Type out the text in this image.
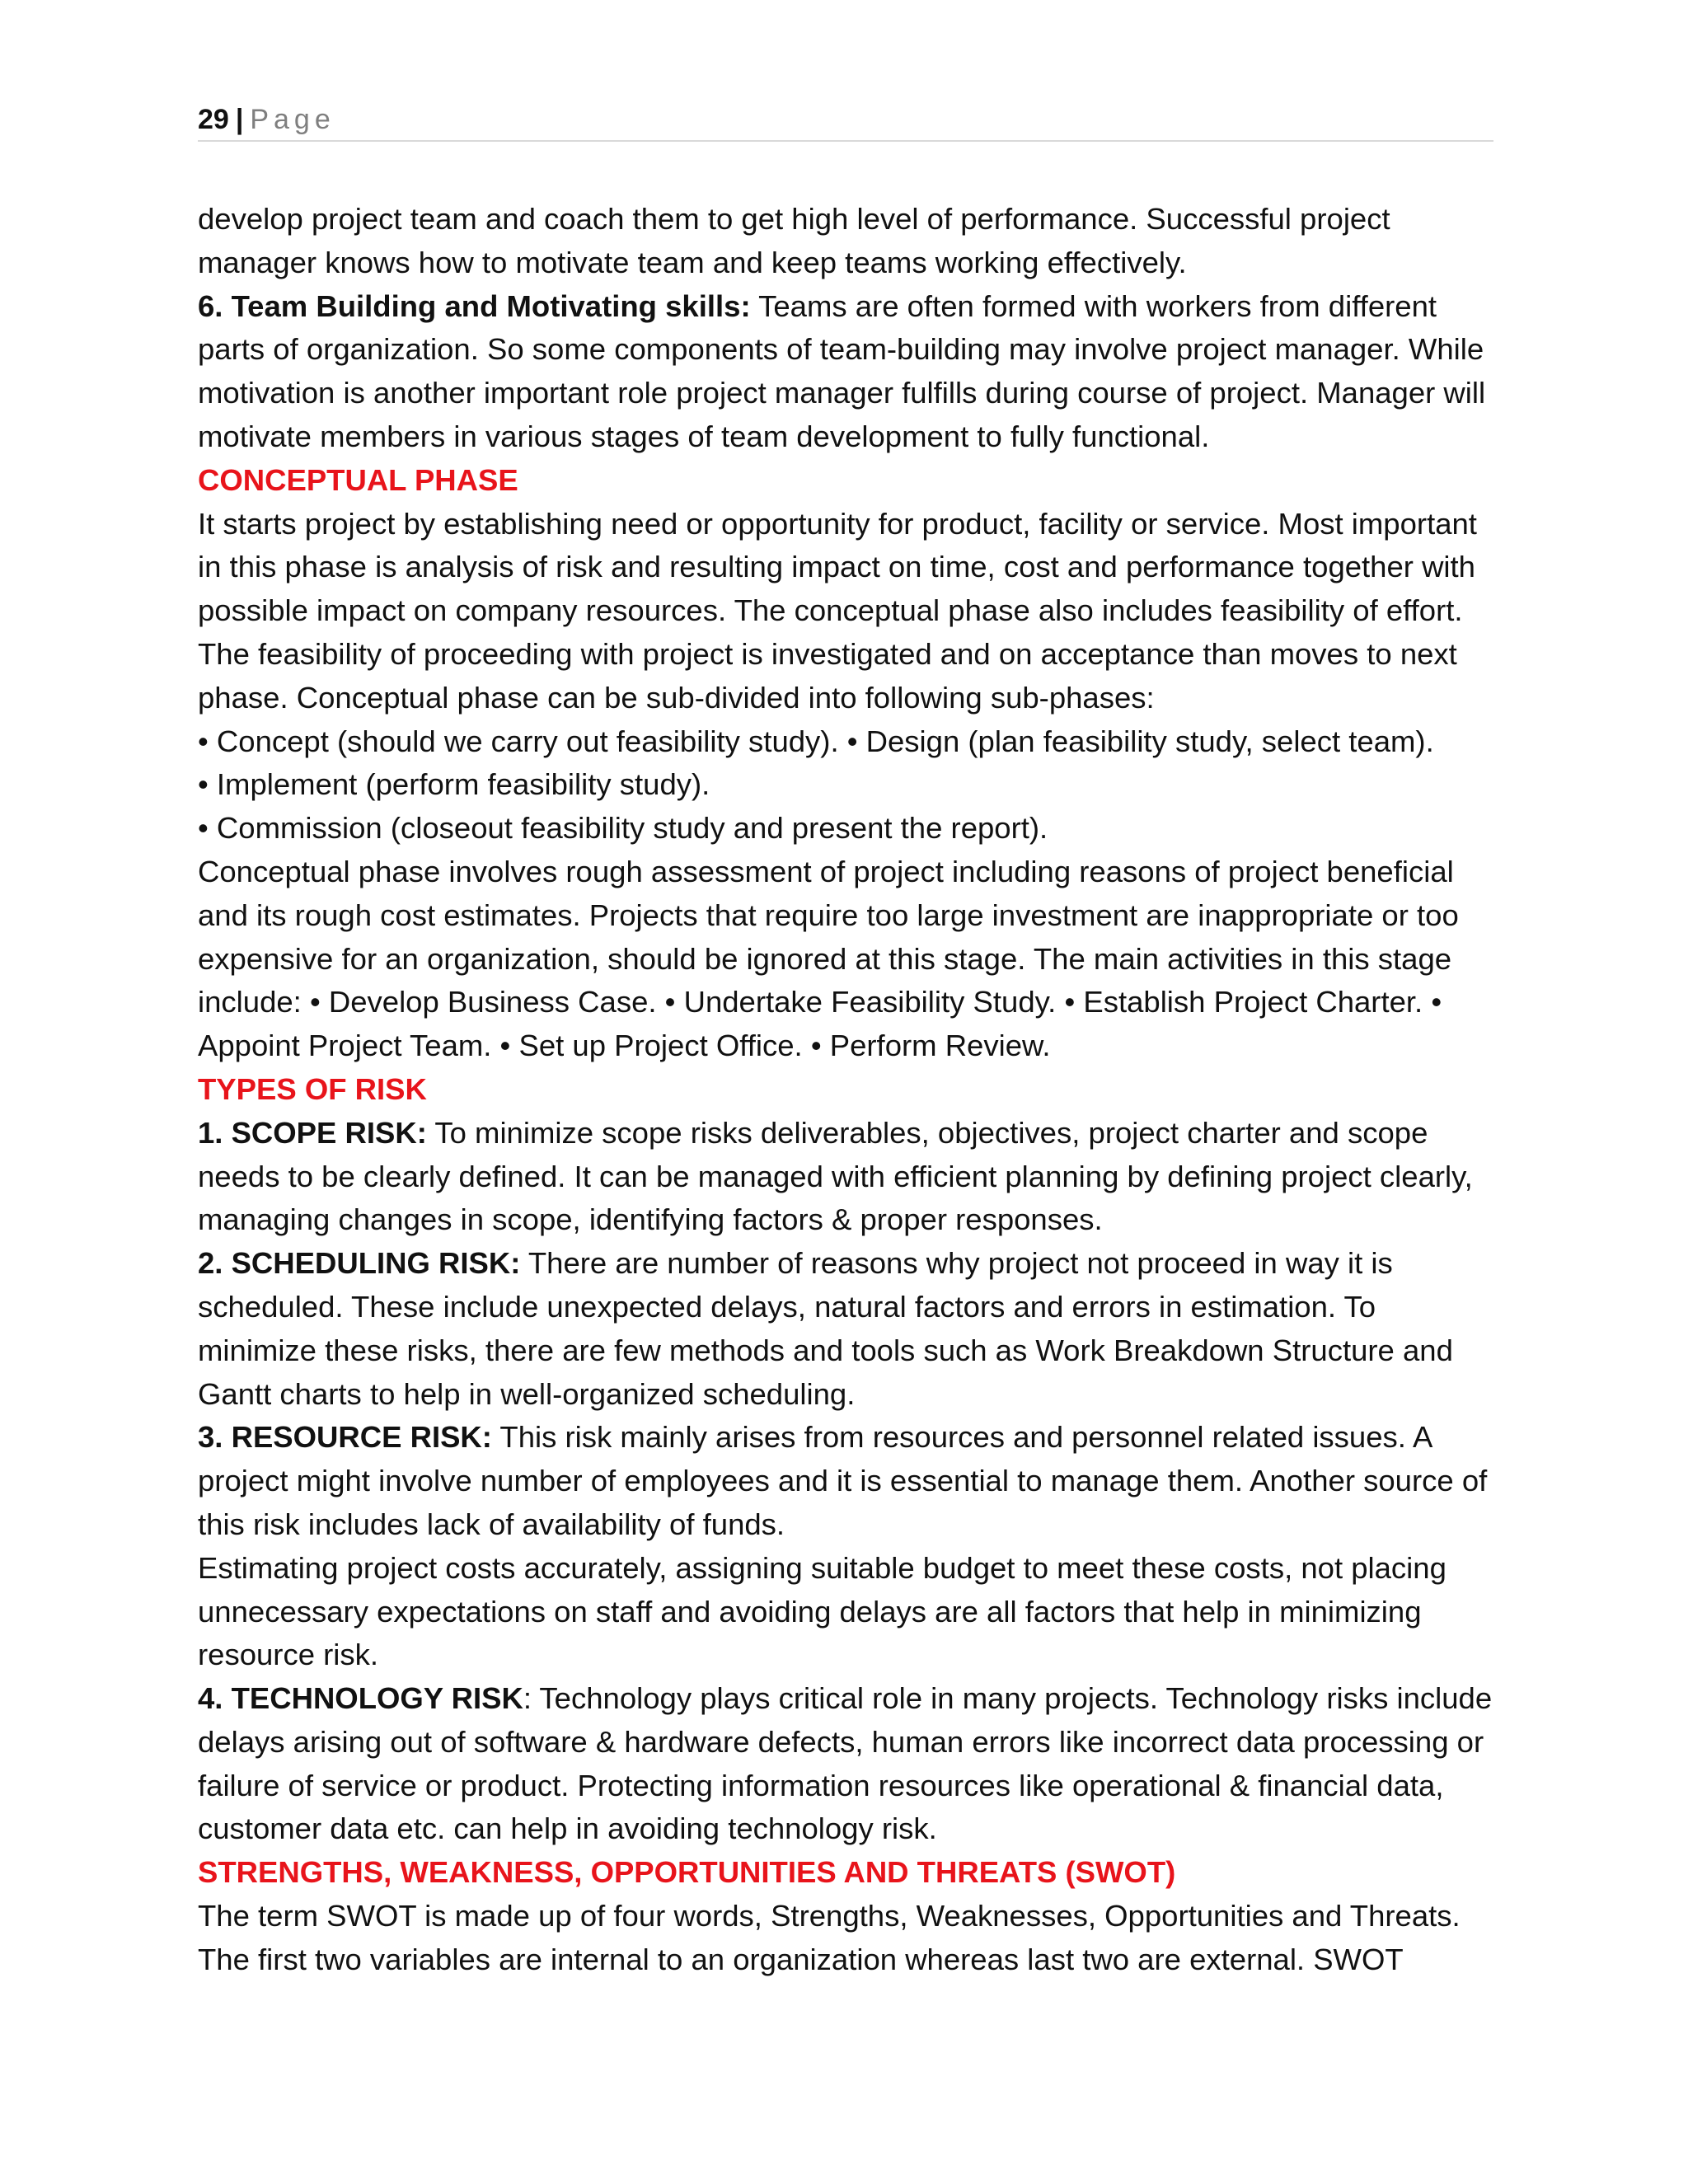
29 | Page

develop project team and coach them to get high level of performance. Successful project manager knows how to motivate team and keep teams working effectively.

6. Team Building and Motivating skills: Teams are often formed with workers from different parts of organization. So some components of team-building may involve project manager. While motivation is another important role project manager fulfills during course of project. Manager will motivate members in various stages of team development to fully functional.

CONCEPTUAL PHASE

It starts project by establishing need or opportunity for product, facility or service. Most important in this phase is analysis of risk and resulting impact on time, cost and performance together with possible impact on company resources. The conceptual phase also includes feasibility of effort. The feasibility of proceeding with project is investigated and on acceptance than moves to next phase. Conceptual phase can be sub-divided into following sub-phases:

• Concept (should we carry out feasibility study). • Design (plan feasibility study, select team).

• Implement (perform feasibility study).

• Commission (closeout feasibility study and present the report).

Conceptual phase involves rough assessment of project including reasons of project beneficial and its rough cost estimates. Projects that require too large investment are inappropriate or too expensive for an organization, should be ignored at this stage. The main activities in this stage include: • Develop Business Case. • Undertake Feasibility Study. • Establish Project Charter. • Appoint Project Team. • Set up Project Office. • Perform Review.

TYPES OF RISK

1. SCOPE RISK: To minimize scope risks deliverables, objectives, project charter and scope needs to be clearly defined. It can be managed with efficient planning by defining project clearly, managing changes in scope, identifying factors & proper responses.

2. SCHEDULING RISK: There are number of reasons why project not proceed in way it is scheduled. These include unexpected delays, natural factors and errors in estimation. To minimize these risks, there are few methods and tools such as Work Breakdown Structure and Gantt charts to help in well-organized scheduling.

3. RESOURCE RISK: This risk mainly arises from resources and personnel related issues. A project might involve number of employees and it is essential to manage them. Another source of this risk includes lack of availability of funds.

Estimating project costs accurately, assigning suitable budget to meet these costs, not placing unnecessary expectations on staff and avoiding delays are all factors that help in minimizing resource risk.

4. TECHNOLOGY RISK: Technology plays critical role in many projects. Technology risks include delays arising out of software & hardware defects, human errors like incorrect data processing or failure of service or product. Protecting information resources like operational & financial data, customer data etc. can help in avoiding technology risk.

STRENGTHS, WEAKNESS, OPPORTUNITIES AND THREATS (SWOT)

The term SWOT is made up of four words, Strengths, Weaknesses, Opportunities and Threats. The first two variables are internal to an organization whereas last two are external. SWOT
